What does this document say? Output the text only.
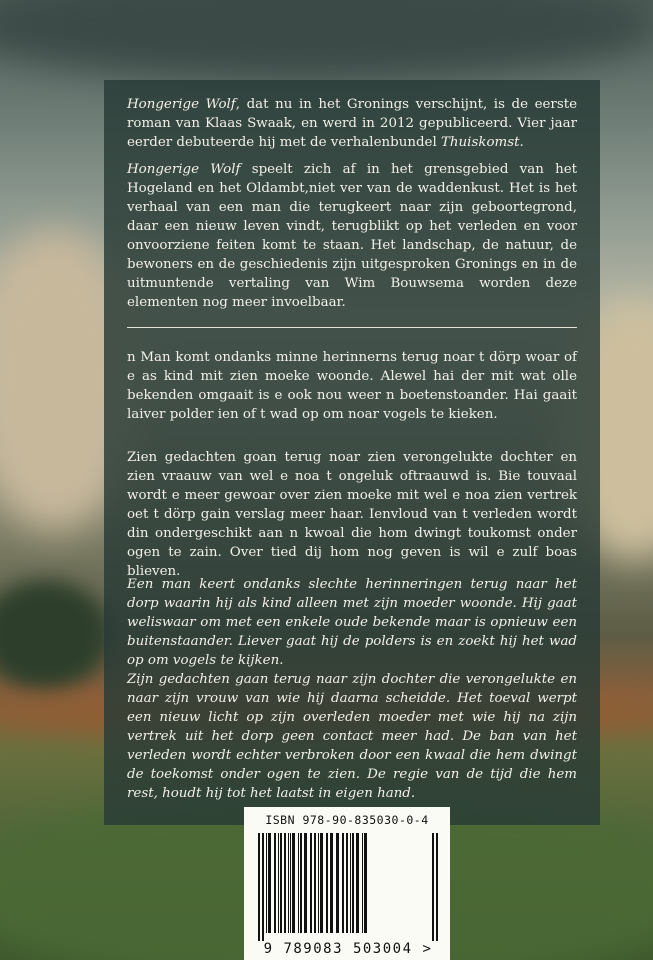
Hongerige Wolf, dat nu in het Gronings verschijnt, is de eerste roman van Klaas Swaak, en werd in 2012 gepubliceerd. Vier jaar eerder debuteerde hij met de verhalenbundel Thuiskomst.

Hongerige Wolf speelt zich af in het grensgebied van het Hogeland en het Oldambt,niet ver van de waddenkust. Het is het verhaal van een man die terugkeert naar zijn geboortegrond, daar een nieuw leven vindt, terugblikt op het verleden en voor onvoorziene feiten komt te staan. Het landschap, de natuur, de bewoners en de geschiedenis zijn uitgesproken Gronings en in de uitmuntende vertaling van Wim Bouwsema worden deze elementen nog meer invoelbaar.

n Man komt ondanks minne herinnerns terug noar t dörp woar of e as kind mit zien moeke woonde. Alewel hai der mit wat olle bekenden omgaait is e ook nou weer n boetenstoander. Hai gaait laiver polder ien of t wad op om noar vogels te kieken.

Zien gedachten goan terug noar zien verongelukte dochter en zien vraauw van wel e noa t ongeluk oftraauwd is. Bie touvaal wordt e meer gewoar over zien moeke mit wel e noa zien vertrek oet t dörp gain verslag meer haar. Ienvloud van t verleden wordt din ondergeschikt aan n kwoal die hom dwingt toukomst onder ogen te zain. Over tied dij hom nog geven is wil e zulf boas blieven.

Een man keert ondanks slechte herinneringen terug naar het dorp waarin hij als kind alleen met zijn moeder woonde. Hij gaat weliswaar om met een enkele oude bekende maar is opnieuw een buitenstaander. Liever gaat hij de polders is en zoekt hij het wad op om vogels te kijken.

Zijn gedachten gaan terug naar zijn dochter die verongelukte en naar zijn vrouw van wie hij daarna scheidde. Het toeval werpt een nieuw licht op zijn overleden moeder met wie hij na zijn vertrek uit het dorp geen contact meer had. De ban van het verleden wordt echter verbroken door een kwaal die hem dwingt de toekomst onder ogen te zien. De regie van de tijd die hem rest, houdt hij tot het laatst in eigen hand.

ISBN 978-90-835030-0-4
9 789083 503004 >
